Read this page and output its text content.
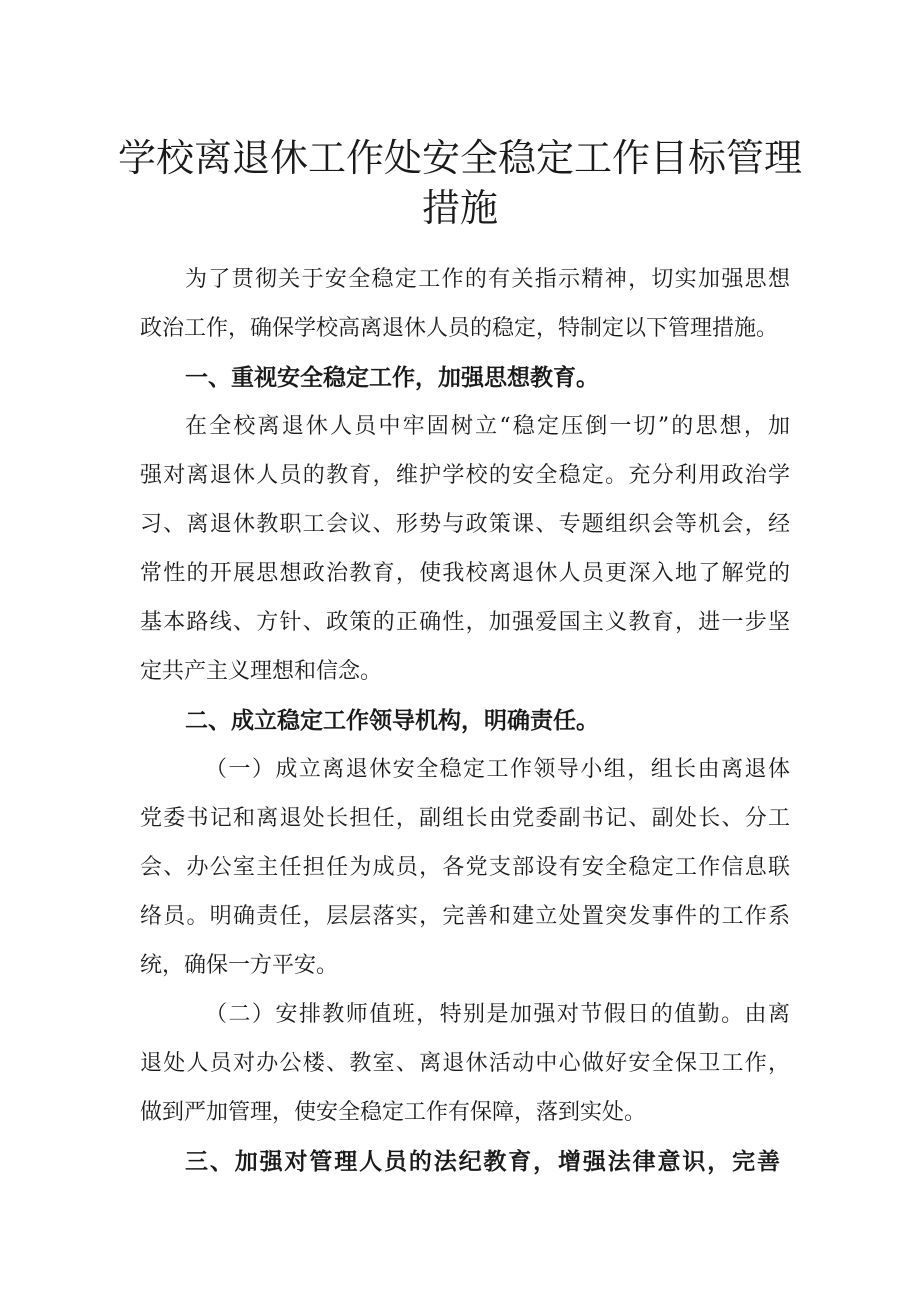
学校离退休工作处安全稳定工作目标管理
措施

为了贯彻关于安全稳定工作的有关指示精神，切实加强思想

政治工作，确保学校高离退休人员的稳定，特制定以下管理措施。

一、重视安全稳定工作，加强思想教育。

在全校离退休人员中牢固树立“稳定压倒一切”的思想，加

强对离退休人员的教育，维护学校的安全稳定。充分利用政治学

习、离退休教职工会议、形势与政策课、专题组织会等机会，经

常性的开展思想政治教育，使我校离退休人员更深入地了解党的

基本路线、方针、政策的正确性，加强爱国主义教育，进一步坚

定共产主义理想和信念。

二、成立稳定工作领导机构，明确责任。

（一）成立离退休安全稳定工作领导小组，组长由离退体

党委书记和离退处长担任，副组长由党委副书记、副处长、分工

会、办公室主任担任为成员，各党支部设有安全稳定工作信息联

络员。明确责任，层层落实，完善和建立处置突发事件的工作系

统，确保一方平安。

（二）安排教师值班，特别是加强对节假日的值勤。由离

退处人员对办公楼、教室、离退休活动中心做好安全保卫工作，

做到严加管理，使安全稳定工作有保障，落到实处。

三、加强对管理人员的法纪教育，增强法律意识，完善
